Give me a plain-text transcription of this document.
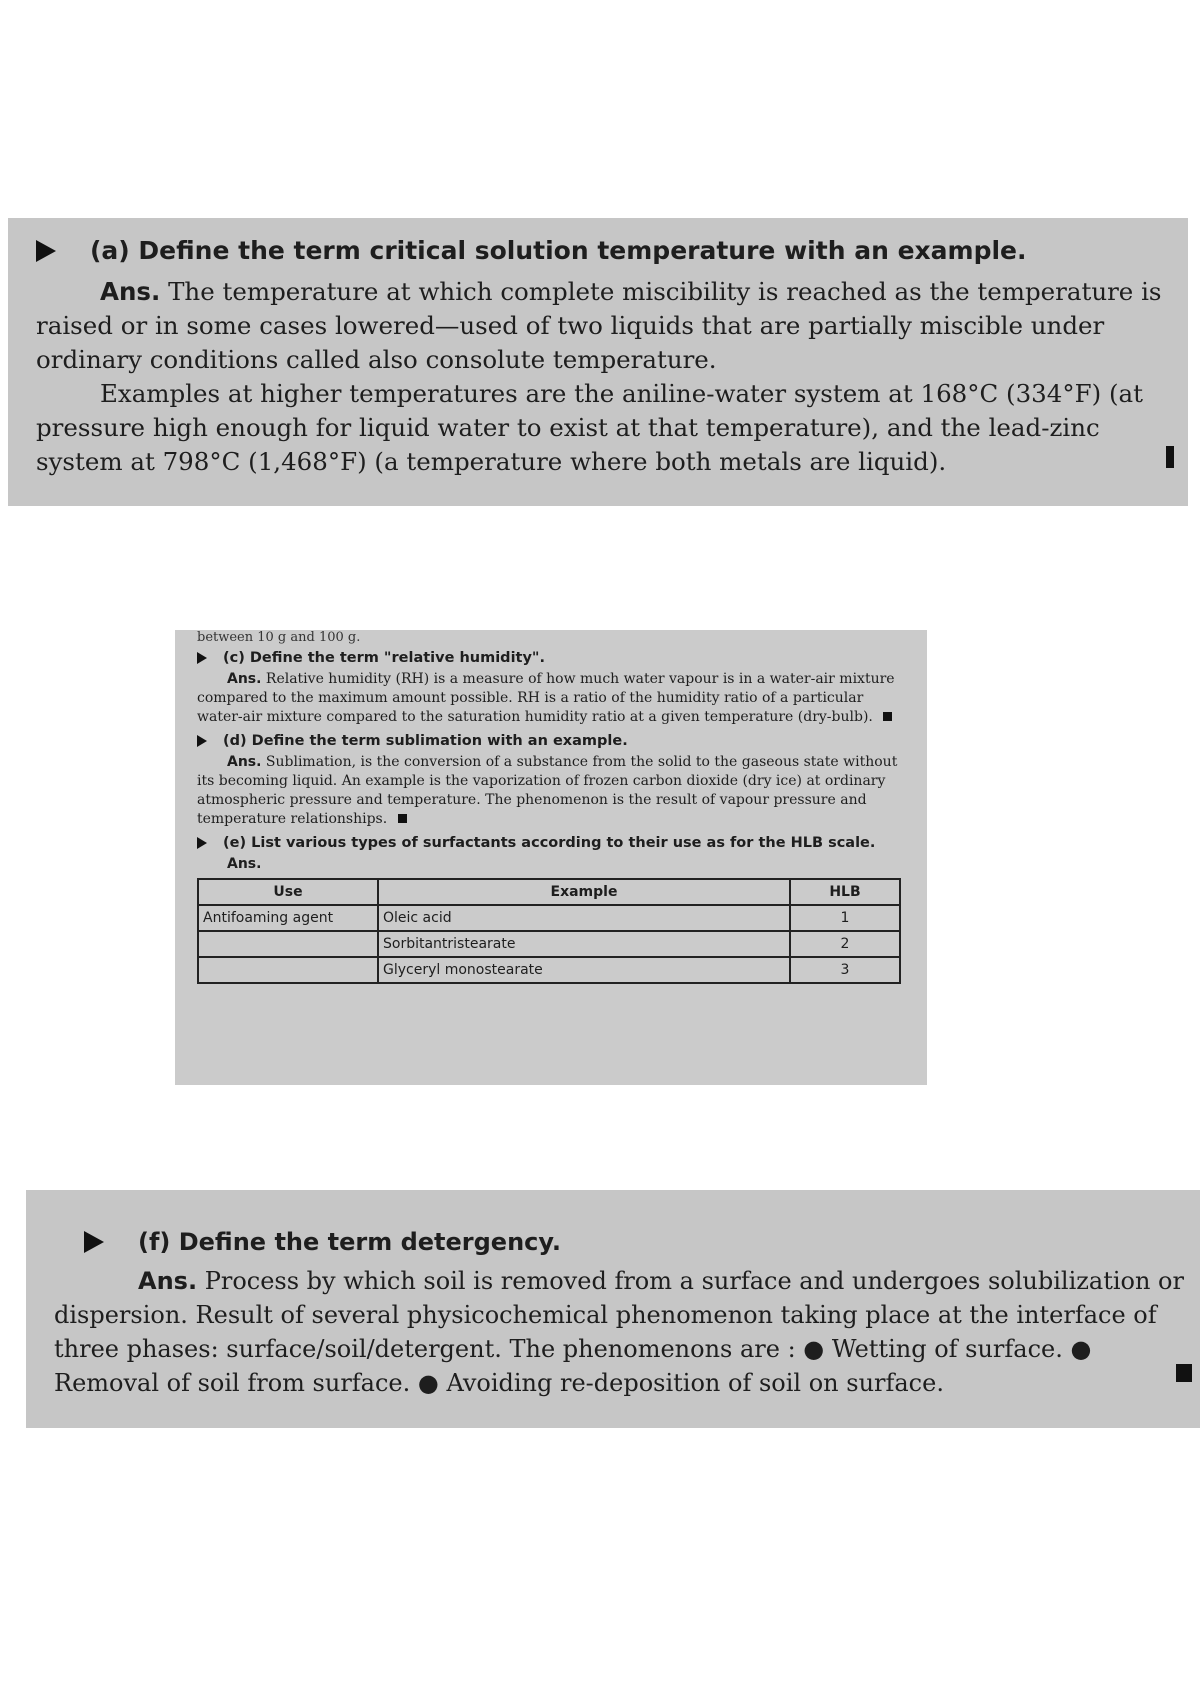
(a) Define the term critical solution temperature with an example.

Ans. The temperature at which complete miscibility is reached as the temperature is raised or in some cases lowered—used of two liquids that are partially miscible under ordinary conditions called also consolute temperature.

Examples at higher temperatures are the aniline-water system at 168°C (334°F) (at pressure high enough for liquid water to exist at that temperature), and the lead-zinc system at 798°C (1,468°F) (a temperature where both metals are liquid).

between 10 g and 100 g.

(c) Define the term "relative humidity".

Ans. Relative humidity (RH) is a measure of how much water vapour is in a water-air mixture compared to the maximum amount possible. RH is a ratio of the humidity ratio of a particular water-air mixture compared to the saturation humidity ratio at a given temperature (dry-bulb).

(d) Define the term sublimation with an example.

Ans. Sublimation, is the conversion of a substance from the solid to the gaseous state without its becoming liquid. An example is the vaporization of frozen carbon dioxide (dry ice) at ordinary atmospheric pressure and temperature. The phenomenon is the result of vapour pressure and temperature relationships.

(e) List various types of surfactants according to their use as for the HLB scale.

Ans.

Use	Example	HLB
Antifoaming agent	Oleic acid	1
	Sorbitantristearate	2
	Glyceryl monostearate	3
(f) Define the term detergency.

Ans. Process by which soil is removed from a surface and undergoes solubilization or dispersion. Result of several physicochemical phenomenon taking place at the interface of three phases: surface/soil/detergent. The phenomenons are : ● Wetting of surface. ● Removal of soil from surface. ● Avoiding re-deposition of soil on surface.
